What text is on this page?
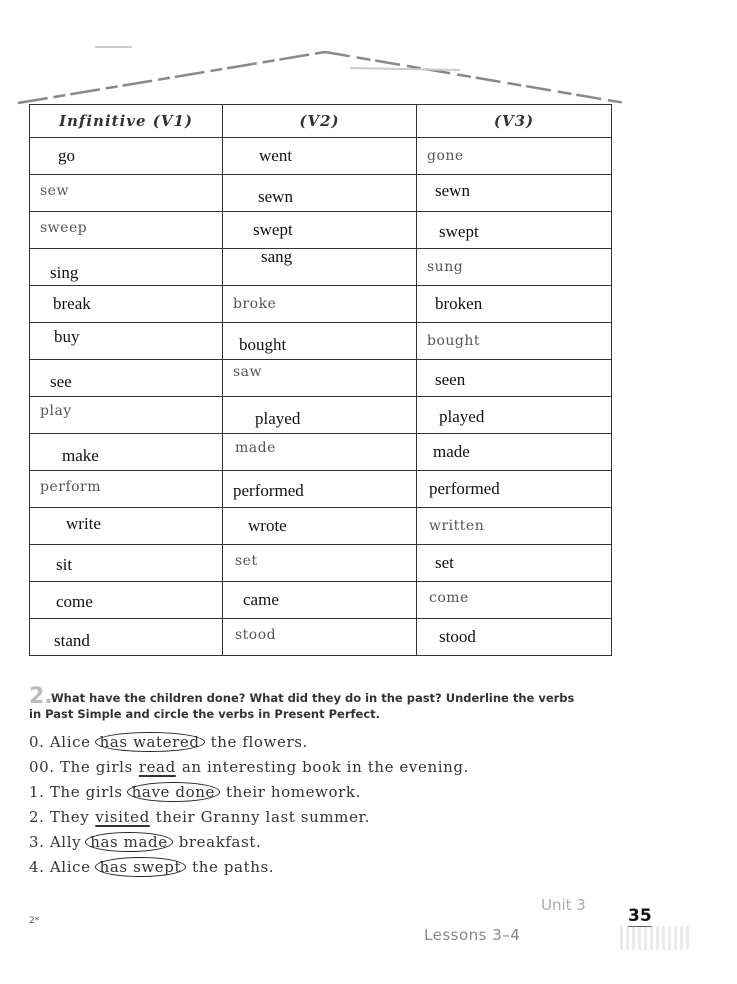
Infinitive (V1)	(V2)	(V3)
go	went	gone
sew	sewn	sewn
sweep	swept	swept
sing	sang	sung
break	broke	broken
buy	bought	bought
see	saw	seen
play	played	played
make	made	made
perform	performed	performed
write	wrote	written
sit	set	set
come	came	come
stand	stood	stood
2.

What have the children done? What did they do in the past? Underline the verbs
in Past Simple and circle the verbs in Present Perfect.

0. Alice has watered the flowers.
00. The girls read an interesting book in the evening.
1. The girls have done their homework.
2. They visited their Granny last summer.
3. Ally has made breakfast.
4. Alice has swept the paths.
2*
Unit 3
Lessons 3–4
35
